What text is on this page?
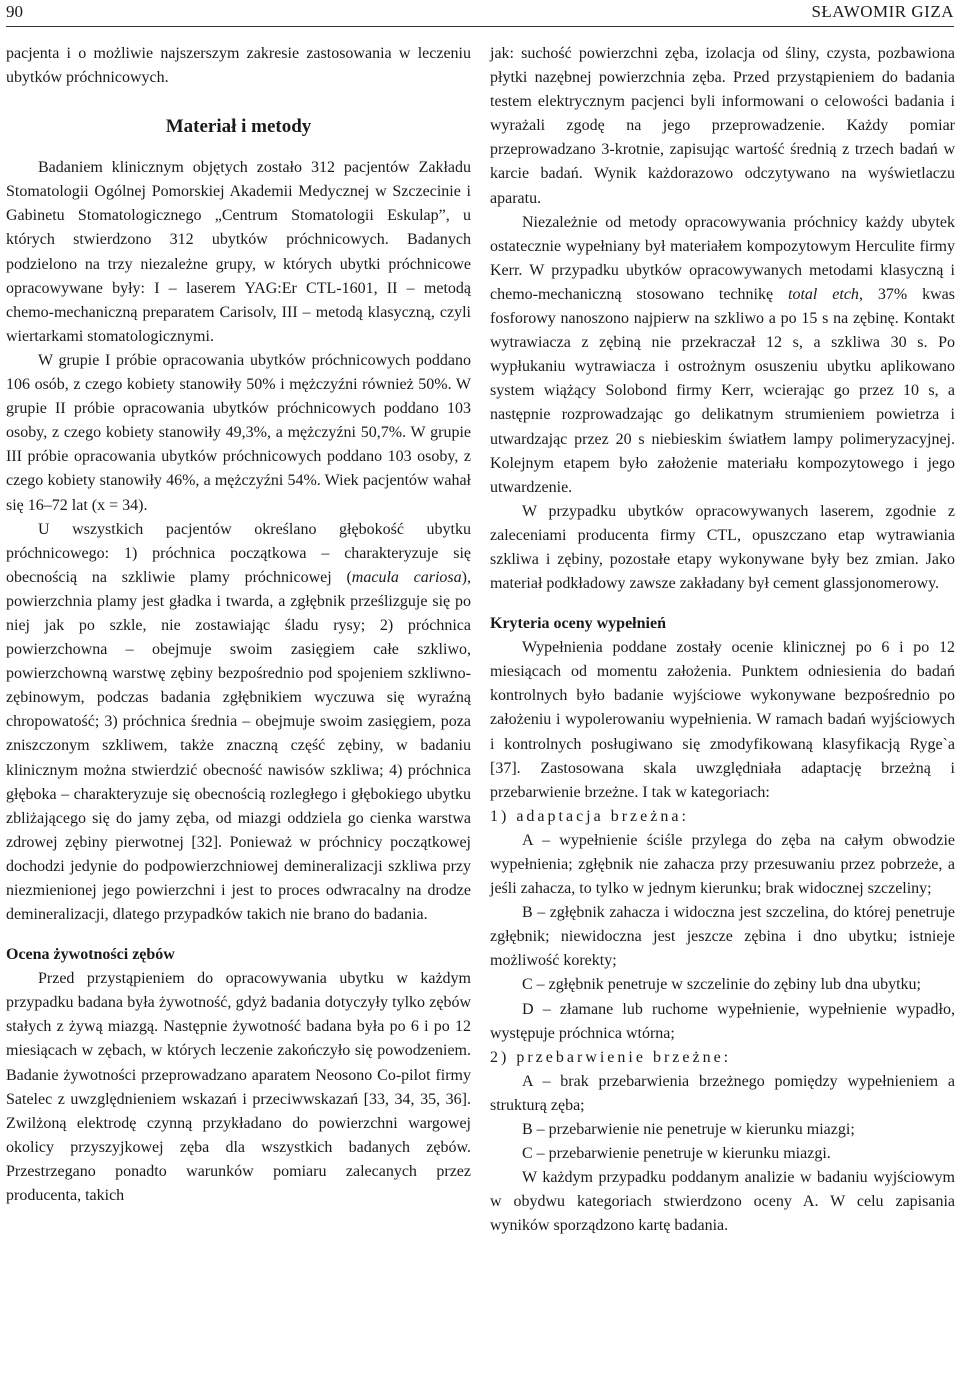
90	SŁAWOMIR GIZA

pacjenta i o możliwie najszerszym zakresie zastosowania w leczeniu ubytków próchnicowych.

Materiał i metody

Badaniem klinicznym objętych zostało 312 pacjentów Zakładu Stomatologii Ogólnej Pomorskiej Akademii Medycznej w Szczecinie i Gabinetu Stomatologicznego „Centrum Stomatologii Eskulap”, u których stwierdzono 312 ubytków próchnicowych. Badanych podzielono na trzy niezależne grupy, w których ubytki próchnicowe opracowywane były: I – laserem YAG:Er CTL-1601, II – metodą chemo-mechaniczną preparatem Carisolv, III – metodą klasyczną, czyli wiertarkami stomatologicznymi.

W grupie I próbie opracowania ubytków próchnicowych poddano 106 osób, z czego kobiety stanowiły 50% i mężczyźni również 50%. W grupie II próbie opracowania ubytków próchnicowych poddano 103 osoby, z czego kobiety stanowiły 49,3%, a mężczyźni 50,7%. W grupie III próbie opracowania ubytków próchnicowych poddano 103 osoby, z czego kobiety stanowiły 46%, a mężczyźni 54%. Wiek pacjentów wahał się 16–72 lat (x = 34).

U wszystkich pacjentów określano głębokość ubytku próchnicowego: 1) próchnica początkowa – charakteryzuje się obecnością na szkliwie plamy próchnicowej (macula cariosa), powierzchnia plamy jest gładka i twarda, a zgłębnik prześlizguje się po niej jak po szkle, nie zostawiając śladu rysy; 2) próchnica powierzchowna – obejmuje swoim zasięgiem całe szkliwo, powierzchowną warstwę zębiny bezpośrednio pod spojeniem szkliwno-zębinowym, podczas badania zgłębnikiem wyczuwa się wyraźną chropowatość; 3) próchnica średnia – obejmuje swoim zasięgiem, poza zniszczonym szkliwem, także znaczną część zębiny, w badaniu klinicznym można stwierdzić obecność nawisów szkliwa; 4) próchnica głęboka – charakteryzuje się obecnością rozległego i głębokiego ubytku zbliżającego się do jamy zęba, od miazgi oddziela go cienka warstwa zdrowej zębiny pierwotnej [32]. Ponieważ w próchnicy początkowej dochodzi jedynie do podpowierzchniowej demineralizacji szkliwa przy niezmienionej jego powierzchni i jest to proces odwracalny na drodze demineralizacji, dlatego przypadków takich nie brano do badania.

Ocena żywotności zębów

Przed przystąpieniem do opracowywania ubytku w każdym przypadku badana była żywotność, gdyż badania dotyczyły tylko zębów stałych z żywą miazgą. Następnie żywotność badana była po 6 i po 12 miesiącach w zębach, w których leczenie zakończyło się powodzeniem. Badanie żywotności przeprowadzano aparatem Neosono Co-pilot firmy Satelec z uwzględnieniem wskazań i przeciwwskazań [33, 34, 35, 36]. Zwilżoną elektrodę czynną przykładano do powierzchni wargowej okolicy przyszyjkowej zęba dla wszystkich badanych zębów. Przestrzegano ponadto warunków pomiaru zalecanych przez producenta, takich

jak: suchość powierzchni zęba, izolacja od śliny, czysta, pozbawiona płytki nazębnej powierzchnia zęba. Przed przystąpieniem do badania testem elektrycznym pacjenci byli informowani o celowości badania i wyrażali zgodę na jego przeprowadzenie. Każdy pomiar przeprowadzano 3-krotnie, zapisując wartość średnią z trzech badań w karcie badań. Wynik każdorazowo odczytywano na wyświetlaczu aparatu.

Niezależnie od metody opracowywania próchnicy każdy ubytek ostatecznie wypełniany był materiałem kompozytowym Herculite firmy Kerr. W przypadku ubytków opracowywanych metodami klasyczną i chemo-mechaniczną stosowano technikę total etch, 37% kwas fosforowy nanoszono najpierw na szkliwo a po 15 s na zębinę. Kontakt wytrawiacza z zębiną nie przekraczał 12 s, a szkliwa 30 s. Po wypłukaniu wytrawiacza i ostrożnym osuszeniu ubytku aplikowano system wiążący Solobond firmy Kerr, wcierając go przez 10 s, a następnie rozprowadzając go delikatnym strumieniem powietrza i utwardzając przez 20 s niebieskim światłem lampy polimeryzacyjnej. Kolejnym etapem było założenie materiału kompozytowego i jego utwardzenie.

W przypadku ubytków opracowywanych laserem, zgodnie z zaleceniami producenta firmy CTL, opuszczano etap wytrawiania szkliwa i zębiny, pozostałe etapy wykonywane były bez zmian. Jako materiał podkładowy zawsze zakładany był cement glassjonomerowy.

Kryteria oceny wypełnień

Wypełnienia poddane zostały ocenie klinicznej po 6 i po 12 miesiącach od momentu założenia. Punktem odniesienia do badań kontrolnych było badanie wyjściowe wykonywane bezpośrednio po założeniu i wypolerowaniu wypełnienia. W ramach badań wyjściowych i kontrolnych posługiwano się zmodyfikowaną klasyfikacją Ryge`a [37]. Zastosowana skala uwzględniała adaptację brzeżną i przebarwienie brzeżne. I tak w kategoriach:

1) adaptacja brzeżna:

A – wypełnienie ściśle przylega do zęba na całym obwodzie wypełnienia; zgłębnik nie zahacza przy przesuwaniu przez pobrzeże, a jeśli zahacza, to tylko w jednym kierunku; brak widocznej szczeliny;

B – zgłębnik zahacza i widoczna jest szczelina, do której penetruje zgłębnik; niewidoczna jest jeszcze zębina i dno ubytku; istnieje możliwość korekty;

C – zgłębnik penetruje w szczelinie do zębiny lub dna ubytku;

D – złamane lub ruchome wypełnienie, wypełnienie wypadło, występuje próchnica wtórna;

2) przebarwienie brzeżne:

A – brak przebarwienia brzeżnego pomiędzy wypełnieniem a strukturą zęba;

B – przebarwienie nie penetruje w kierunku miazgi;

C – przebarwienie penetruje w kierunku miazgi.

W każdym przypadku poddanym analizie w badaniu wyjściowym w obydwu kategoriach stwierdzono oceny A. W celu zapisania wyników sporządzono kartę badania.
